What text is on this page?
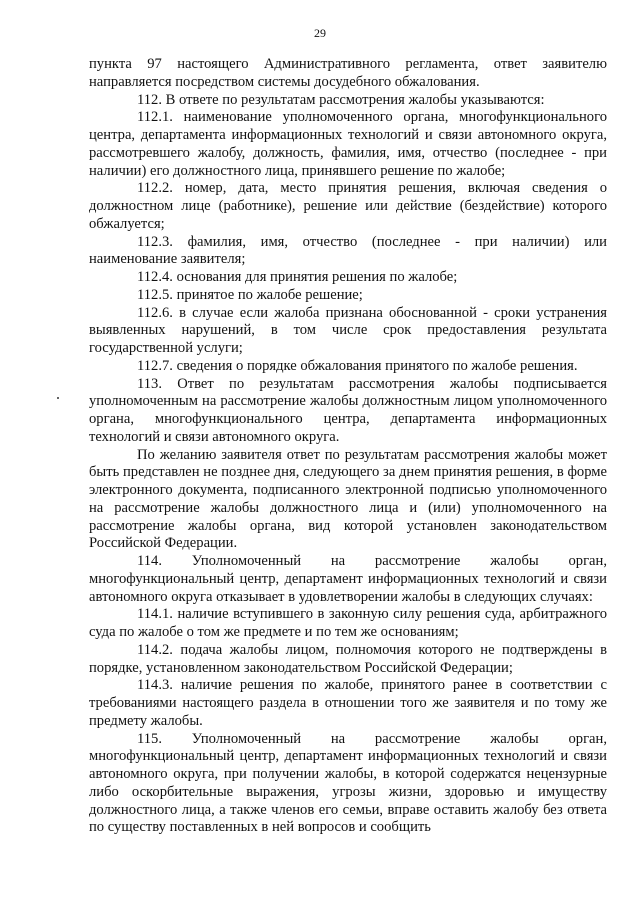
29

пункта 97 настоящего Административного регламента, ответ заявителю направляется посредством системы досудебного обжалования.

112. В ответе по результатам рассмотрения жалобы указываются:

112.1. наименование уполномоченного органа, многофункционального центра, департамента информационных технологий и связи автономного округа, рассмотревшего жалобу, должность, фамилия, имя, отчество (последнее - при наличии) его должностного лица, принявшего решение по жалобе;

112.2. номер, дата, место принятия решения, включая сведения о должностном лице (работнике), решение или действие (бездействие) которого обжалуется;

112.3. фамилия, имя, отчество (последнее - при наличии) или наименование заявителя;

112.4. основания для принятия решения по жалобе;

112.5. принятое по жалобе решение;

112.6. в случае если жалоба признана обоснованной - сроки устранения выявленных нарушений, в том числе срок предоставления результата государственной услуги;

112.7. сведения о порядке обжалования принятого по жалобе решения.

113. Ответ по результатам рассмотрения жалобы подписывается уполномоченным на рассмотрение жалобы должностным лицом уполномоченного органа, многофункционального центра, департамента информационных технологий и связи автономного округа.

По желанию заявителя ответ по результатам рассмотрения жалобы может быть представлен не позднее дня, следующего за днем принятия решения, в форме электронного документа, подписанного электронной подписью уполномоченного на рассмотрение жалобы должностного лица и (или) уполномоченного на рассмотрение жалобы органа, вид которой установлен законодательством Российской Федерации.

114. Уполномоченный на рассмотрение жалобы орган, многофункциональный центр, департамент информационных технологий и связи автономного округа отказывает в удовлетворении жалобы в следующих случаях:

114.1. наличие вступившего в законную силу решения суда, арбитражного суда по жалобе о том же предмете и по тем же основаниям;

114.2. подача жалобы лицом, полномочия которого не подтверждены в порядке, установленном законодательством Российской Федерации;

114.3. наличие решения по жалобе, принятого ранее в соответствии с требованиями настоящего раздела в отношении того же заявителя и по тому же предмету жалобы.

115. Уполномоченный на рассмотрение жалобы орган, многофункциональный центр, департамент информационных технологий и связи автономного округа, при получении жалобы, в которой содержатся нецензурные либо оскорбительные выражения, угрозы жизни, здоровью и имуществу должностного лица, а также членов его семьи, вправе оставить жалобу без ответа по существу поставленных в ней вопросов и сообщить
